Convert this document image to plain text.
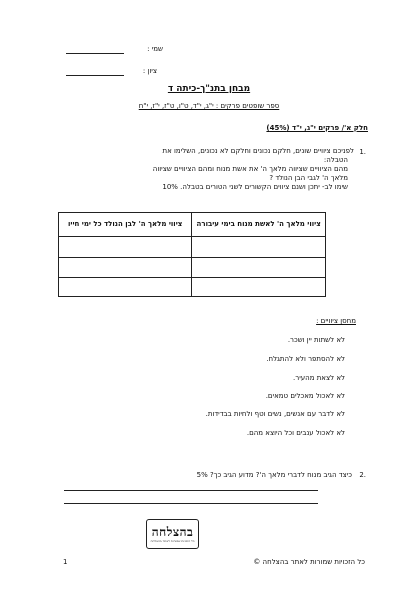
שמי :
ציון :
מבחן בתנ"ך-כיתה ד
ספר שופטים פרקים : י"ג, י"ד, ט"ו, ט"ז, י"ז, י"ח
חלק א'/ פרקים י"ג, י"ד (45%)
1.
לפניכם ציוויים שונים, חלקם נכונים וחלקם לא נכונים, השלימו את
הטבלה:
מהם הציוויים שציווה מלאך ה' את אשת מנוח ומהם הציוויים שציווה
מלאך ה' לגבי הבן הנולד ?
שימו לב- יתכן ושנם ציווים הקשורים לשני הטורים בטבלה. 10%
ציווי מלאך ה' לאשת מנוח בימי עיבורה	ציווי מלאך ה' לבן הנולד כל ימי חייו

מחסן ציוויים :
לא לשתות יין ושכר.
לא להסתפר ולא להתגלח.
לא לצאת מהעיר.
לא לאכול מאכלים טמאים.
לא לדבר עם אנשים, נשים וטף ולחיות בבדידות.
לא לאכול ענבים וכל היוצא מהם.
2.
כיצד הגיב מנוח לדברי מלאך ה'? מדוע הגיב כך? 5%
בהצלחה
כל הזכויות שמורות לאתר בהצלחה
כל הזכויות שמורות לאתר בהצלחה ©
1
